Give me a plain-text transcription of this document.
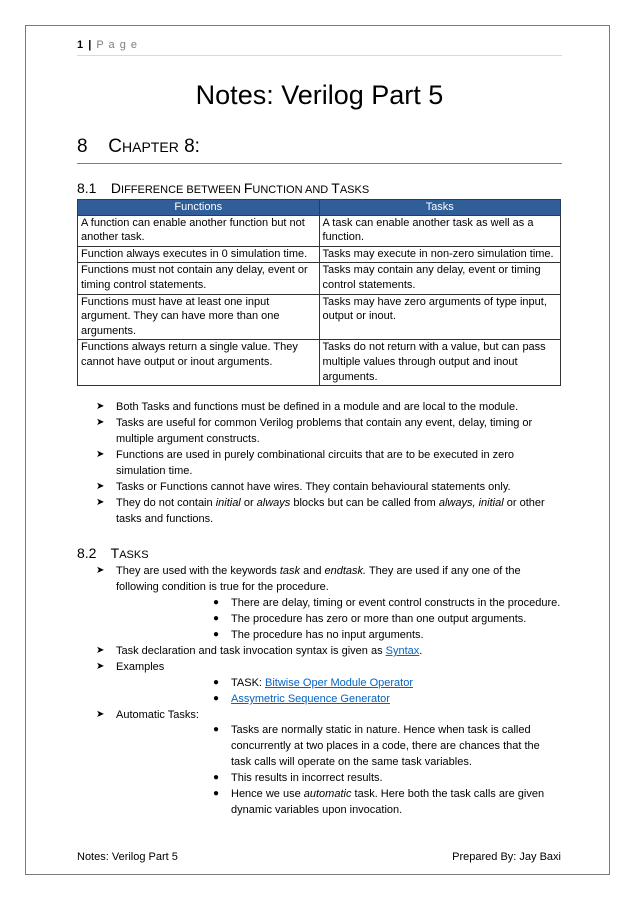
1 | P a g e
Notes: Verilog Part 5
8 CHAPTER 8:
8.1 DIFFERENCE BETWEEN FUNCTION AND TASKS
Functions	Tasks
A function can enable another function but not another task.	A task can enable another task as well as a function.
Function always executes in 0 simulation time.	Tasks may execute in non-zero simulation time.
Functions must not contain any delay, event or timing control statements.	Tasks may contain any delay, event or timing control statements.
Functions must have at least one input argument. They can have more than one arguments.	Tasks may have zero arguments of type input, output or inout.
Functions always return a single value. They cannot have output or inout arguments.	Tasks do not return with a value, but can pass multiple values through output and inout arguments.
➤ Both Tasks and functions must be defined in a module and are local to the module.
➤ Tasks are useful for common Verilog problems that contain any event, delay, timing or multiple argument constructs.
➤ Functions are used in purely combinational circuits that are to be executed in zero simulation time.
➤ Tasks or Functions cannot have wires. They contain behavioural statements only.
➤ They do not contain initial or always blocks but can be called from always, initial or other tasks and functions.
8.2 TASKS
➤ They are used with the keywords task and endtask. They are used if any one of the following condition is true for the procedure.
● There are delay, timing or event control constructs in the procedure.
● The procedure has zero or more than one output arguments.
● The procedure has no input arguments.
➤ Task declaration and task invocation syntax is given as Syntax.
➤ Examples
● TASK: Bitwise Oper Module Operator
● Assymetric Sequence Generator
➤ Automatic Tasks:
● Tasks are normally static in nature. Hence when task is called concurrently at two places in a code, there are chances that the task calls will operate on the same task variables.
● This results in incorrect results.
● Hence we use automatic task. Here both the task calls are given dynamic variables upon invocation.
Notes: Verilog Part 5	Prepared By: Jay Baxi
